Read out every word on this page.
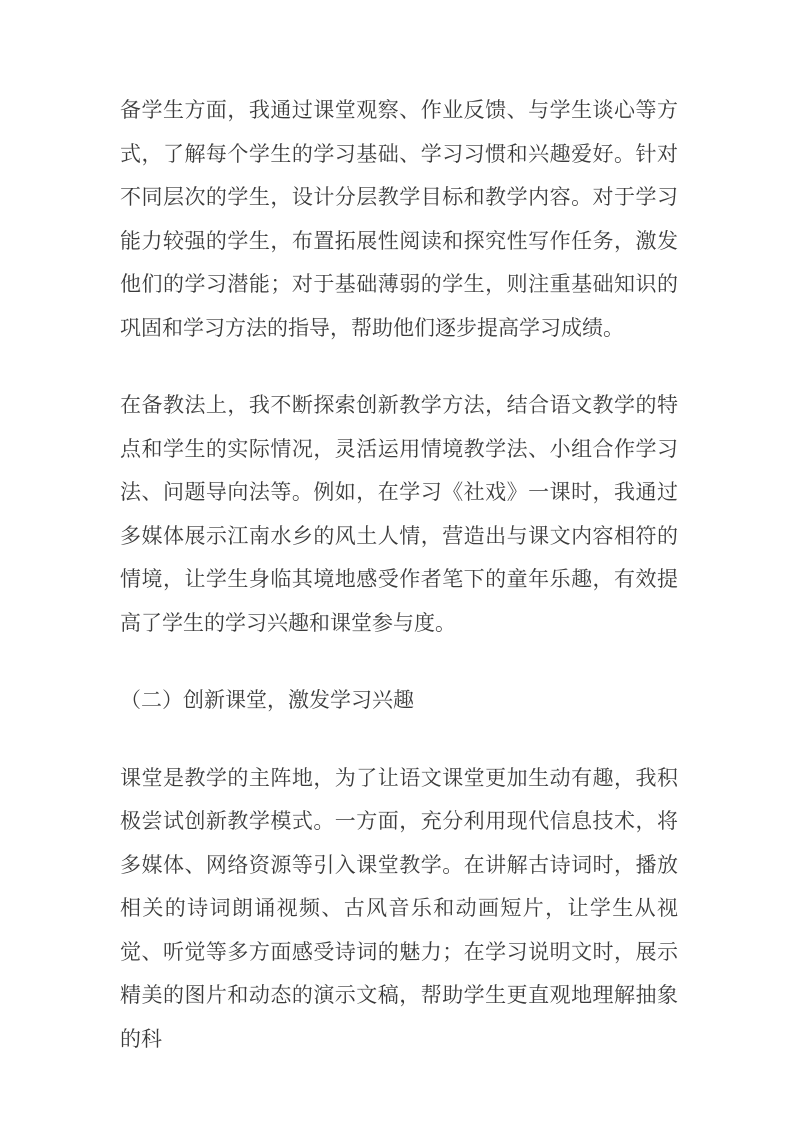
备学生方面，我通过课堂观察、作业反馈、与学生谈心等方式，了解每个学生的学习基础、学习习惯和兴趣爱好。针对不同层次的学生，设计分层教学目标和教学内容。对于学习能力较强的学生，布置拓展性阅读和探究性写作任务，激发他们的学习潜能；对于基础薄弱的学生，则注重基础知识的巩固和学习方法的指导，帮助他们逐步提高学习成绩。

在备教法上，我不断探索创新教学方法，结合语文教学的特点和学生的实际情况，灵活运用情境教学法、小组合作学习法、问题导向法等。例如，在学习《社戏》一课时，我通过多媒体展示江南水乡的风土人情，营造出与课文内容相符的情境，让学生身临其境地感受作者笔下的童年乐趣，有效提高了学生的学习兴趣和课堂参与度。

（二）创新课堂，激发学习兴趣

课堂是教学的主阵地，为了让语文课堂更加生动有趣，我积极尝试创新教学模式。一方面，充分利用现代信息技术，将多媒体、网络资源等引入课堂教学。在讲解古诗词时，播放相关的诗词朗诵视频、古风音乐和动画短片，让学生从视觉、听觉等多方面感受诗词的魅力；在学习说明文时，展示精美的图片和动态的演示文稿，帮助学生更直观地理解抽象的科
